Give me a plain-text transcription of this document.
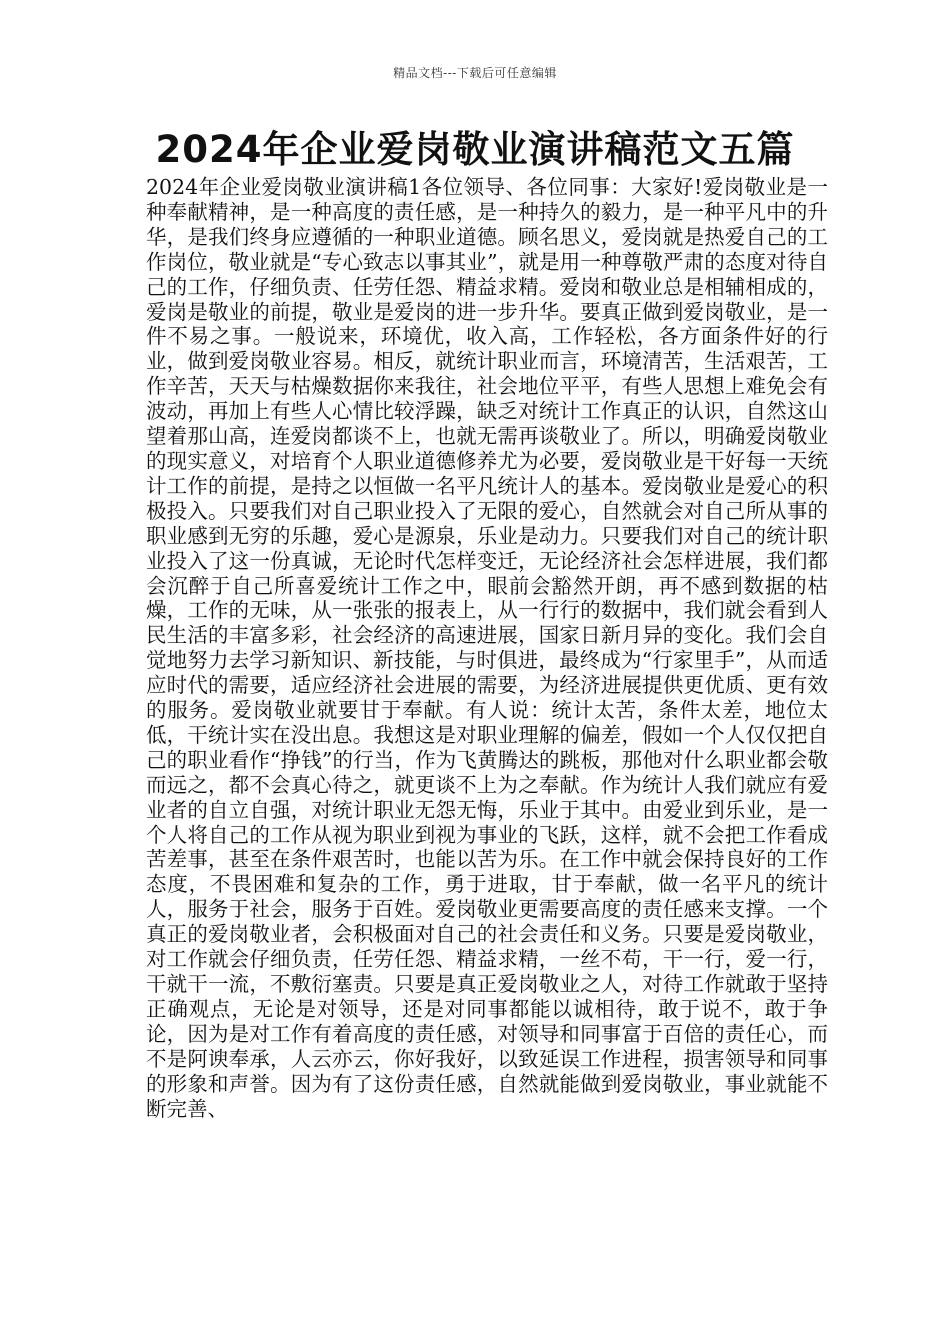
精品文档---下载后可任意编辑
2024年企业爱岗敬业演讲稿范文五篇

2024年企业爱岗敬业演讲稿1各位领导、各位同事：大家好!爱岗敬业是一种奉献精神，是一种高度的责任感，是一种持久的毅力，是一种平凡中的升华，是我们终身应遵循的一种职业道德。顾名思义，爱岗就是热爱自己的工作岗位，敬业就是“专心致志以事其业”，就是用一种尊敬严肃的态度对待自己的工作，仔细负责、任劳任怨、精益求精。爱岗和敬业总是相辅相成的，爱岗是敬业的前提，敬业是爱岗的进一步升华。要真正做到爱岗敬业，是一件不易之事。一般说来，环境优，收入高，工作轻松，各方面条件好的行业，做到爱岗敬业容易。相反，就统计职业而言，环境清苦，生活艰苦，工作辛苦，天天与枯燥数据你来我往，社会地位平平，有些人思想上难免会有波动，再加上有些人心情比较浮躁，缺乏对统计工作真正的认识，自然这山望着那山高，连爱岗都谈不上，也就无需再谈敬业了。所以，明确爱岗敬业的现实意义，对培育个人职业道德修养尤为必要，爱岗敬业是干好每一天统计工作的前提，是持之以恒做一名平凡统计人的基本。爱岗敬业是爱心的积极投入。只要我们对自己职业投入了无限的爱心，自然就会对自己所从事的职业感到无穷的乐趣，爱心是源泉，乐业是动力。只要我们对自己的统计职业投入了这一份真诚，无论时代怎样变迁，无论经济社会怎样进展，我们都会沉醉于自己所喜爱统计工作之中，眼前会豁然开朗，再不感到数据的枯燥，工作的无味，从一张张的报表上，从一行行的数据中，我们就会看到人民生活的丰富多彩，社会经济的高速进展，国家日新月异的变化。我们会自觉地努力去学习新知识、新技能，与时俱进，最终成为“行家里手”，从而适应时代的需要，适应经济社会进展的需要，为经济进展提供更优质、更有效的服务。爱岗敬业就要甘于奉献。有人说：统计太苦，条件太差，地位太低，干统计实在没出息。我想这是对职业理解的偏差，假如一个人仅仅把自己的职业看作“挣钱”的行当，作为飞黄腾达的跳板，那他对什么职业都会敬而远之，都不会真心待之，就更谈不上为之奉献。作为统计人我们就应有爱业者的自立自强，对统计职业无怨无悔，乐业于其中。由爱业到乐业，是一个人将自己的工作从视为职业到视为事业的飞跃，这样，就不会把工作看成苦差事，甚至在条件艰苦时，也能以苦为乐。在工作中就会保持良好的工作态度，不畏困难和复杂的工作，勇于进取，甘于奉献，做一名平凡的统计人，服务于社会，服务于百姓。爱岗敬业更需要高度的责任感来支撑。一个真正的爱岗敬业者，会积极面对自己的社会责任和义务。只要是爱岗敬业，对工作就会仔细负责，任劳任怨、精益求精，一丝不苟，干一行，爱一行，干就干一流，不敷衍塞责。只要是真正爱岗敬业之人，对待工作就敢于坚持正确观点，无论是对领导，还是对同事都能以诚相待，敢于说不，敢于争论，因为是对工作有着高度的责任感，对领导和同事富于百倍的责任心，而不是阿谀奉承，人云亦云，你好我好，以致延误工作进程，损害领导和同事的形象和声誉。因为有了这份责任感，自然就能做到爱岗敬业，事业就能不断完善、
